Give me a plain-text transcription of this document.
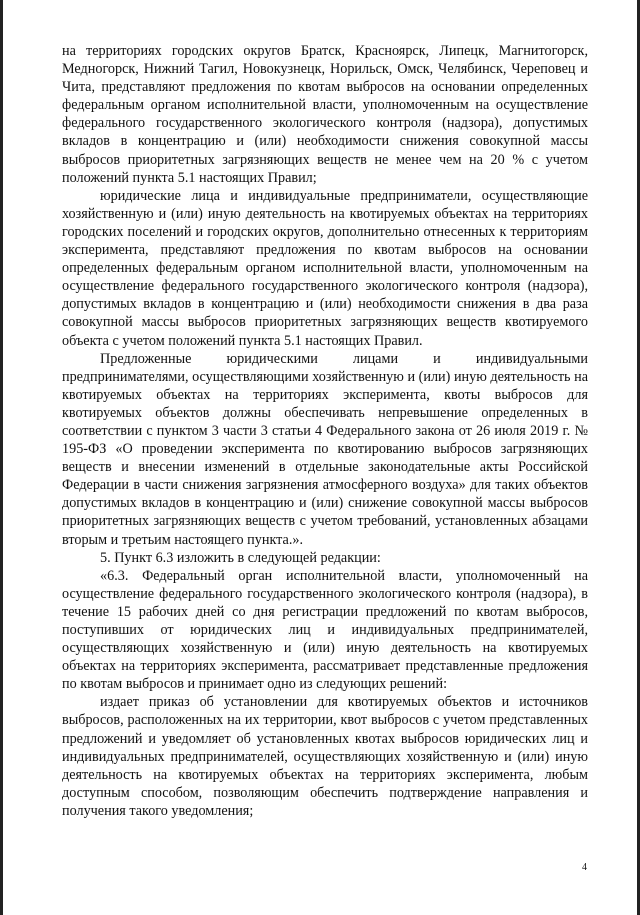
на территориях городских округов Братск, Красноярск, Липецк, Магнитогорск, Медногорск, Нижний Тагил, Новокузнецк, Норильск, Омск, Челябинск, Череповец и Чита, представляют предложения по квотам выбросов на основании определенных федеральным органом исполнительной власти, уполномоченным на осуществление федерального государственного экологического контроля (надзора), допустимых вкладов в концентрацию и (или) необходимости снижения совокупной массы выбросов приоритетных загрязняющих веществ не менее чем на 20 % с учетом положений пункта 5.1 настоящих Правил;

юридические лица и индивидуальные предприниматели, осуществляющие хозяйственную и (или) иную деятельность на квотируемых объектах на территориях городских поселений и городских округов, дополнительно отнесенных к территориям эксперимента, представляют предложения по квотам выбросов на основании определенных федеральным органом исполнительной власти, уполномоченным на осуществление федерального государственного экологического контроля (надзора), допустимых вкладов в концентрацию и (или) необходимости снижения в два раза совокупной массы выбросов приоритетных загрязняющих веществ квотируемого объекта с учетом положений пункта 5.1 настоящих Правил.

Предложенные юридическими лицами и индивидуальными предпринимателями, осуществляющими хозяйственную и (или) иную деятельность на квотируемых объектах на территориях эксперимента, квоты выбросов для квотируемых объектов должны обеспечивать непревышение определенных в соответствии с пунктом 3 части 3 статьи 4 Федерального закона от 26 июля 2019 г. № 195-ФЗ «О проведении эксперимента по квотированию выбросов загрязняющих веществ и внесении изменений в отдельные законодательные акты Российской Федерации в части снижения загрязнения атмосферного воздуха» для таких объектов допустимых вкладов в концентрацию и (или) снижение совокупной массы выбросов приоритетных загрязняющих веществ с учетом требований, установленных абзацами вторым и третьим настоящего пункта.».

5. Пункт 6.3 изложить в следующей редакции:

«6.3. Федеральный орган исполнительной власти, уполномоченный на осуществление федерального государственного экологического контроля (надзора), в течение 15 рабочих дней со дня регистрации предложений по квотам выбросов, поступивших от юридических лиц и индивидуальных предпринимателей, осуществляющих хозяйственную и (или) иную деятельность на квотируемых объектах на территориях эксперимента, рассматривает представленные предложения по квотам выбросов и принимает одно из следующих решений:

издает приказ об установлении для квотируемых объектов и источников выбросов, расположенных на их территории, квот выбросов с учетом представленных предложений и уведомляет об установленных квотах выбросов юридических лиц и индивидуальных предпринимателей, осуществляющих хозяйственную и (или) иную деятельность на квотируемых объектах на территориях эксперимента, любым доступным способом, позволяющим обеспечить подтверждение направления и получения такого уведомления;

4
